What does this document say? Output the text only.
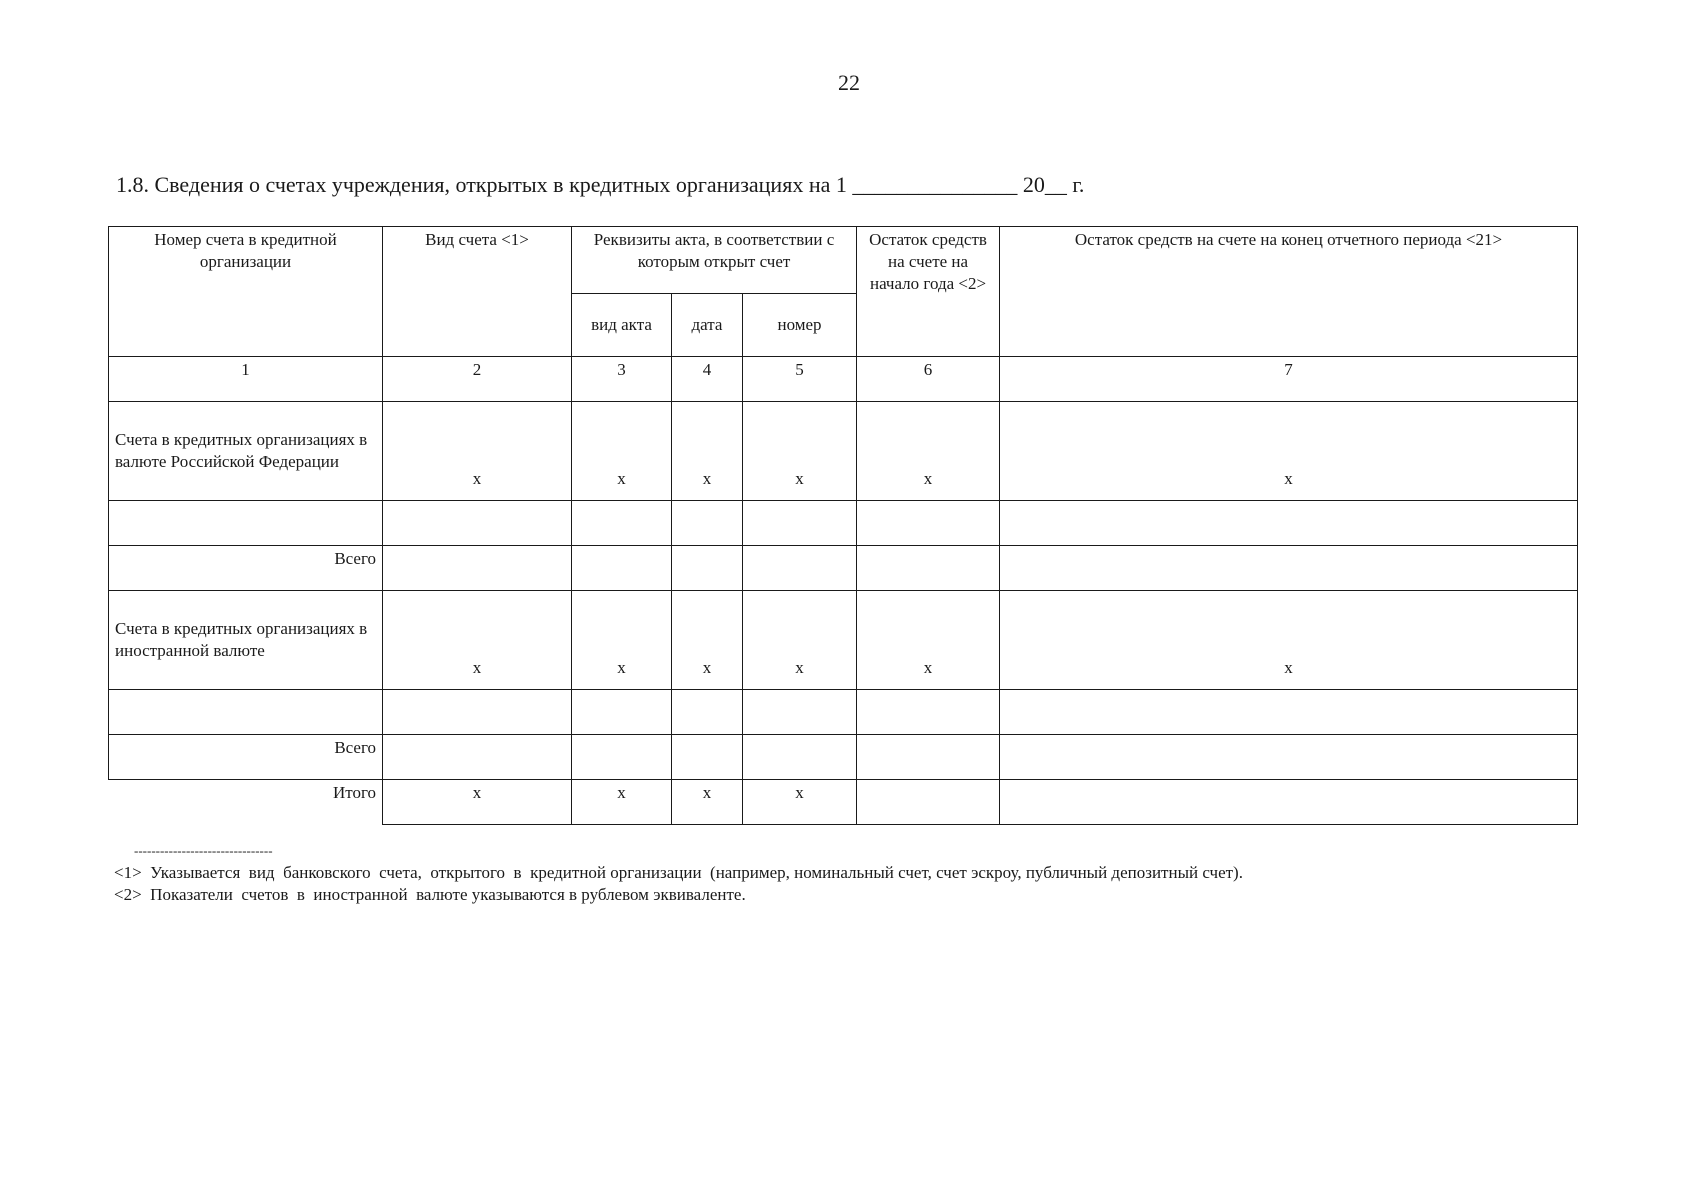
22
1.8. Сведения о счетах учреждения, открытых в кредитных организациях на 1 _______________ 20__ г.
Номер счета в кредитной организации	Вид счета <1>	Реквизиты акта, в соответствии с которым открыт счет			Остаток средств на счете на начало года <2>	Остаток средств на счете на конец отчетного периода <21>
		вид акта	дата	номер		
1	2	3	4	5	6	7
Счета в кредитных организациях в валюте Российской Федерации	x	x	x	x	x	x

Всего						
Счета в кредитных организациях в иностранной валюте	x	x	x	x	x	x

Всего						
Итого	x	x	x	x		
--------------------------------
<1>  Указывается  вид  банковского  счета,  открытого  в  кредитной организации  (например, номинальный счет, счет эскроу, публичный депозитный счет).
<2>  Показатели  счетов  в  иностранной  валюте указываются в рублевом эквиваленте.
